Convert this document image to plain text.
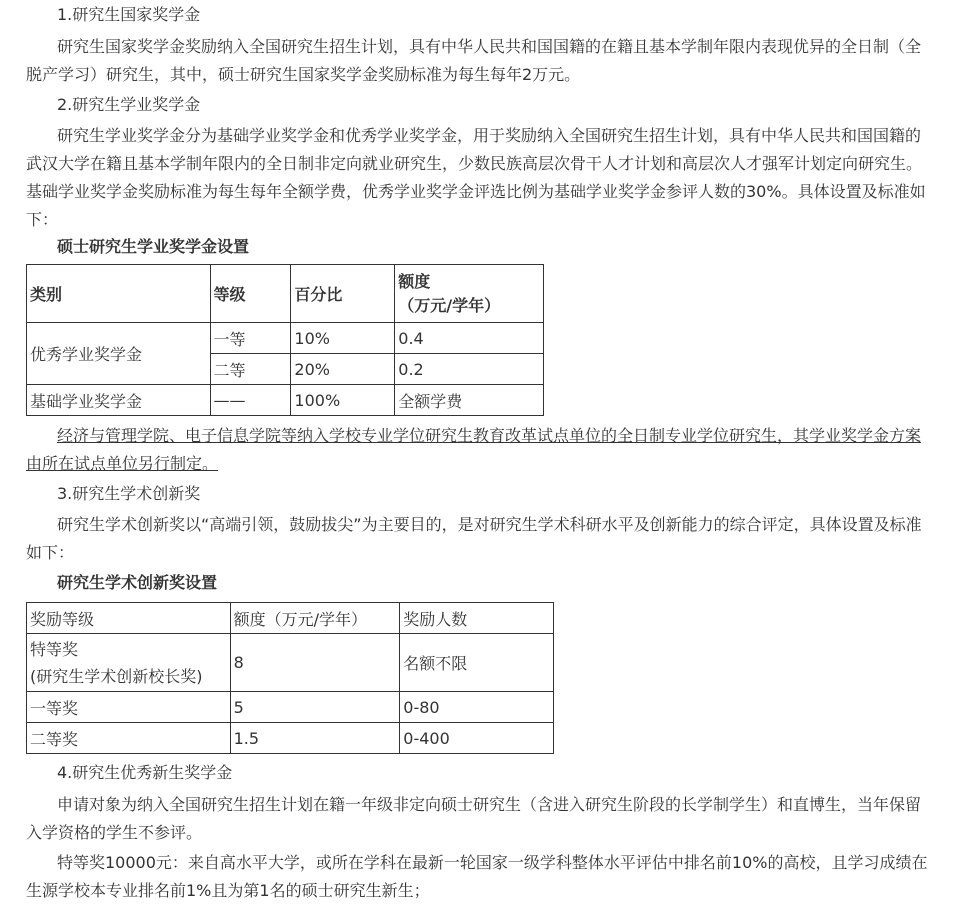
1.研究生国家奖学金

研究生国家奖学金奖励纳入全国研究生招生计划，具有中华人民共和国国籍的在籍且基本学制年限内表现优异的全日制（全脱产学习）研究生，其中，硕士研究生国家奖学金奖励标准为每生每年2万元。

2.研究生学业奖学金

研究生学业奖学金分为基础学业奖学金和优秀学业奖学金，用于奖励纳入全国研究生招生计划，具有中华人民共和国国籍的武汉大学在籍且基本学制年限内的全日制非定向就业研究生，少数民族高层次骨干人才计划和高层次人才强军计划定向研究生。基础学业奖学金奖励标准为每生每年全额学费，优秀学业奖学金评选比例为基础学业奖学金参评人数的30%。具体设置及标准如下：

硕士研究生学业奖学金设置

类别	等级	百分比	额度
（万元/学年）

优秀学业奖学金	一等	10%	0.4
	二等	20%	0.2
基础学业奖学金	——	100%	全额学费

经济与管理学院、电子信息学院等纳入学校专业学位研究生教育改革试点单位的全日制专业学位研究生，其学业奖学金方案由所在试点单位另行制定。

3.研究生学术创新奖

研究生学术创新奖以“高端引领，鼓励拔尖”为主要目的，是对研究生学术科研水平及创新能力的综合评定，具体设置及标准如下：

研究生学术创新奖设置

奖励等级	额度（万元/学年）	奖励人数

特等奖
(研究生学术创新校长奖)	8	名额不限
一等奖	5	0-80
二等奖	1.5	0-400

4.研究生优秀新生奖学金

申请对象为纳入全国研究生招生计划在籍一年级非定向硕士研究生（含进入研究生阶段的长学制学生）和直博生，当年保留入学资格的学生不参评。

特等奖10000元：来自高水平大学，或所在学科在最新一轮国家一级学科整体水平评估中排名前10%的高校，且学习成绩在生源学校本专业排名前1%且为第1名的硕士研究生新生；
